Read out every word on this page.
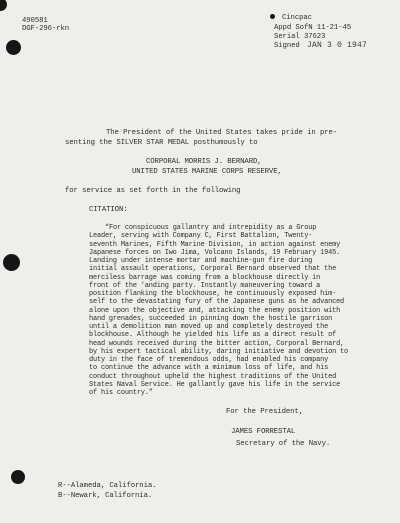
490581
DGF-296-rkn
Cincpac
Appd SofN 11-21-45
Serial 37623
Signed JAN 3 0 1947
The President of the United States takes pride in pre-
senting the SILVER STAR MEDAL posthumously to
CORPORAL MORRIS J. BERNARD,
UNITED STATES MARINE CORPS RESERVE,
for service as set forth in the following
CITATION:
“For conspicuous gallantry and intrepidity as a Group
Leader, serving with Company C, First Battalion, Twenty-
seventh Marines, Fifth Marine Division, in action against enemy
Japanese forces on Iwo Jima, Volcano Islands, 19 February 1945.
Landing under intense mortar and machine-gun fire during
initial assault operations, Corporal Bernard observed that the
merciless barrage was coming from a blockhouse directly in
front of the 'anding party. Instantly maneuvering toward a
position flanking the blockhouse, he continuously exposed him-
self to the devastating fury of the Japanese guns as he advanced
alone upon the objective and, attacking the enemy position with
hand grenades, succeeded in pinning down the hostile garrison
until a demolition man moved up and completely destroyed the
blockhouse. Although he yielded his life as a direct result of
head wounds received during the bitter action, Corporal Bernard,
by his expert tactical ability, daring initiative and devotion to
duty in the face of tremendous odds, had enabled his company
to continue the advance with a minimum loss of life, and his
conduct throughout upheld the highest traditions of the United
States Naval Service. He gallantly gave his life in the service
of his country.”
For the President,
JAMES FORRESTAL
Secretary of the Navy.
R--Alameda, California.
B--Newark, California.
